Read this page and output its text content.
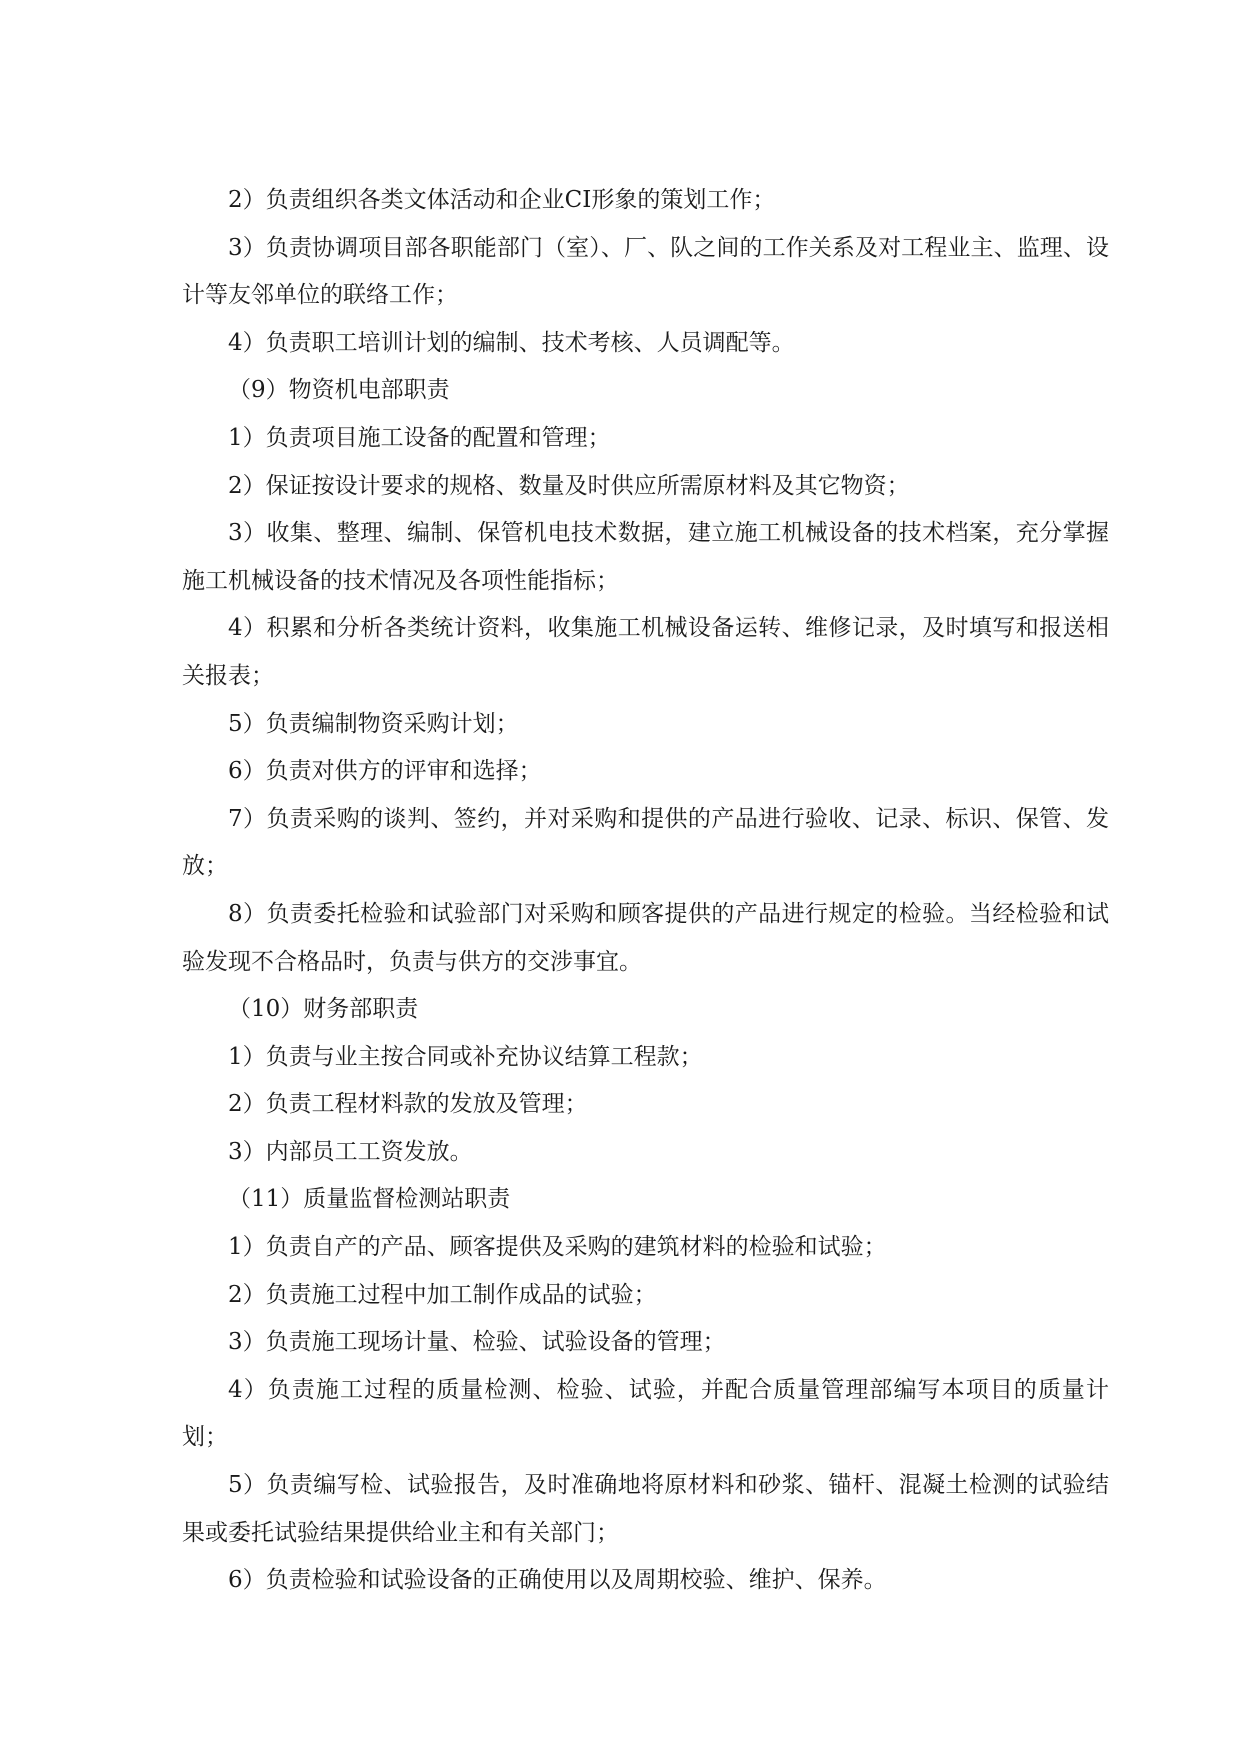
2）负责组织各类文体活动和企业CI形象的策划工作；

3）负责协调项目部各职能部门（室）、厂、队之间的工作关系及对工程业主、监理、设计等友邻单位的联络工作；

4）负责职工培训计划的编制、技术考核、人员调配等。

（9）物资机电部职责

1）负责项目施工设备的配置和管理；

2）保证按设计要求的规格、数量及时供应所需原材料及其它物资；

3）收集、整理、编制、保管机电技术数据，建立施工机械设备的技术档案，充分掌握施工机械设备的技术情况及各项性能指标；

4）积累和分析各类统计资料，收集施工机械设备运转、维修记录，及时填写和报送相关报表；

5）负责编制物资采购计划；

6）负责对供方的评审和选择；

7）负责采购的谈判、签约，并对采购和提供的产品进行验收、记录、标识、保管、发放；

8）负责委托检验和试验部门对采购和顾客提供的产品进行规定的检验。当经检验和试验发现不合格品时，负责与供方的交涉事宜。

（10）财务部职责

1）负责与业主按合同或补充协议结算工程款；

2）负责工程材料款的发放及管理；

3）内部员工工资发放。

（11）质量监督检测站职责

1）负责自产的产品、顾客提供及采购的建筑材料的检验和试验；

2）负责施工过程中加工制作成品的试验；

3）负责施工现场计量、检验、试验设备的管理；

4）负责施工过程的质量检测、检验、试验，并配合质量管理部编写本项目的质量计划；

5）负责编写检、试验报告，及时准确地将原材料和砂浆、锚杆、混凝土检测的试验结果或委托试验结果提供给业主和有关部门；

6）负责检验和试验设备的正确使用以及周期校验、维护、保养。
